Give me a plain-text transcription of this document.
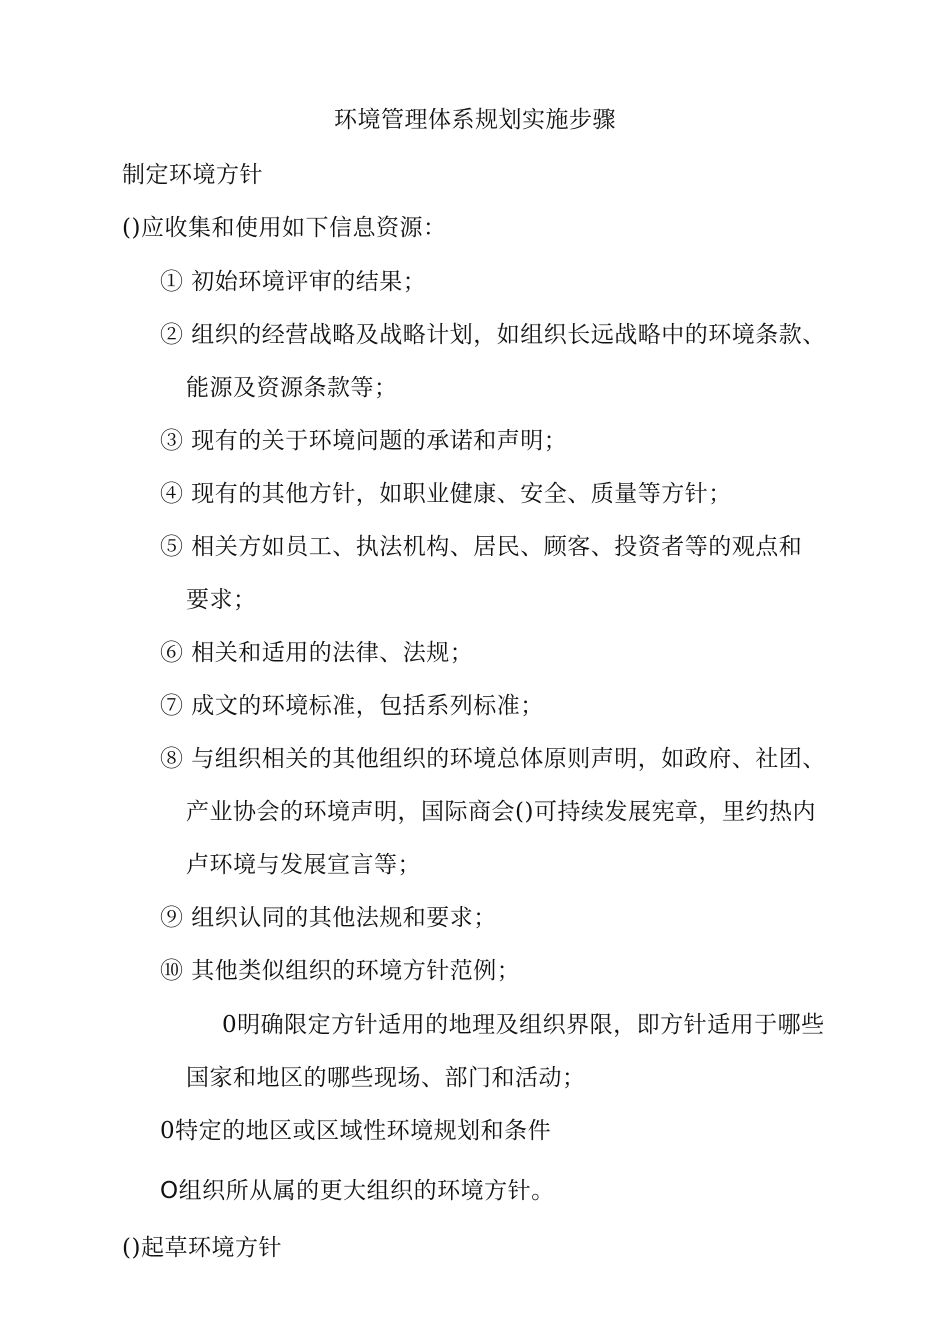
环境管理体系规划实施步骤
制定环境方针
()应收集和使用如下信息资源：
① 初始环境评审的结果；
② 组织的经营战略及战略计划，如组织长远战略中的环境条款、
能源及资源条款等；
③ 现有的关于环境问题的承诺和声明；
④ 现有的其他方针，如职业健康、安全、质量等方针；
⑤ 相关方如员工、执法机构、居民、顾客、投资者等的观点和
要求；
⑥ 相关和适用的法律、法规；
⑦ 成文的环境标准，包括系列标准；
⑧ 与组织相关的其他组织的环境总体原则声明，如政府、社团、
产业协会的环境声明，国际商会()可持续发展宪章，里约热内
卢环境与发展宣言等；
⑨ 组织认同的其他法规和要求；
⑩ 其他类似组织的环境方针范例；
0明确限定方针适用的地理及组织界限，即方针适用于哪些
国家和地区的哪些现场、部门和活动；
0特定的地区或区域性环境规划和条件
O组织所从属的更大组织的环境方针。
()起草环境方针
